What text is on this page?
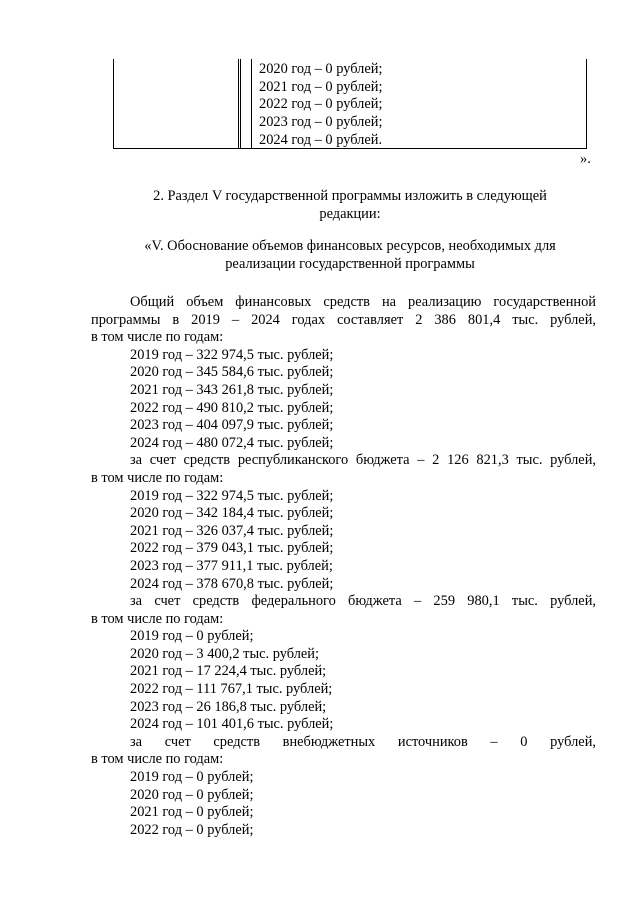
2020 год – 0 рублей;
2021 год – 0 рублей;
2022 год – 0 рублей;
2023 год – 0 рублей;
2024 год – 0 рублей.
».
2. Раздел V государственной программы изложить в следующей
редакции:
«V. Обоснование объемов финансовых ресурсов, необходимых для
реализации государственной программы
Общий объем финансовых средств на реализацию государственной
программы в 2019 – 2024 годах составляет 2 386 801,4 тыс. рублей,
в том числе по годам:
2019 год – 322 974,5 тыс. рублей;
2020 год – 345 584,6 тыс. рублей;
2021 год – 343 261,8 тыс. рублей;
2022 год – 490 810,2 тыс. рублей;
2023 год – 404 097,9 тыс. рублей;
2024 год – 480 072,4 тыс. рублей;
за счет средств республиканского бюджета – 2 126 821,3 тыс. рублей,
в том числе по годам:
2019 год – 322 974,5 тыс. рублей;
2020 год – 342 184,4 тыс. рублей;
2021 год – 326 037,4 тыс. рублей;
2022 год – 379 043,1 тыс. рублей;
2023 год – 377 911,1 тыс. рублей;
2024 год – 378 670,8 тыс. рублей;
за счет средств федерального бюджета – 259 980,1 тыс. рублей,
в том числе по годам:
2019 год – 0 рублей;
2020 год – 3 400,2 тыс. рублей;
2021 год – 17 224,4 тыс. рублей;
2022 год – 111 767,1 тыс. рублей;
2023 год – 26 186,8 тыс. рублей;
2024 год – 101 401,6 тыс. рублей;
за счет средств внебюджетных источников – 0 рублей,
в том числе по годам:
2019 год – 0 рублей;
2020 год – 0 рублей;
2021 год – 0 рублей;
2022 год – 0 рублей;
